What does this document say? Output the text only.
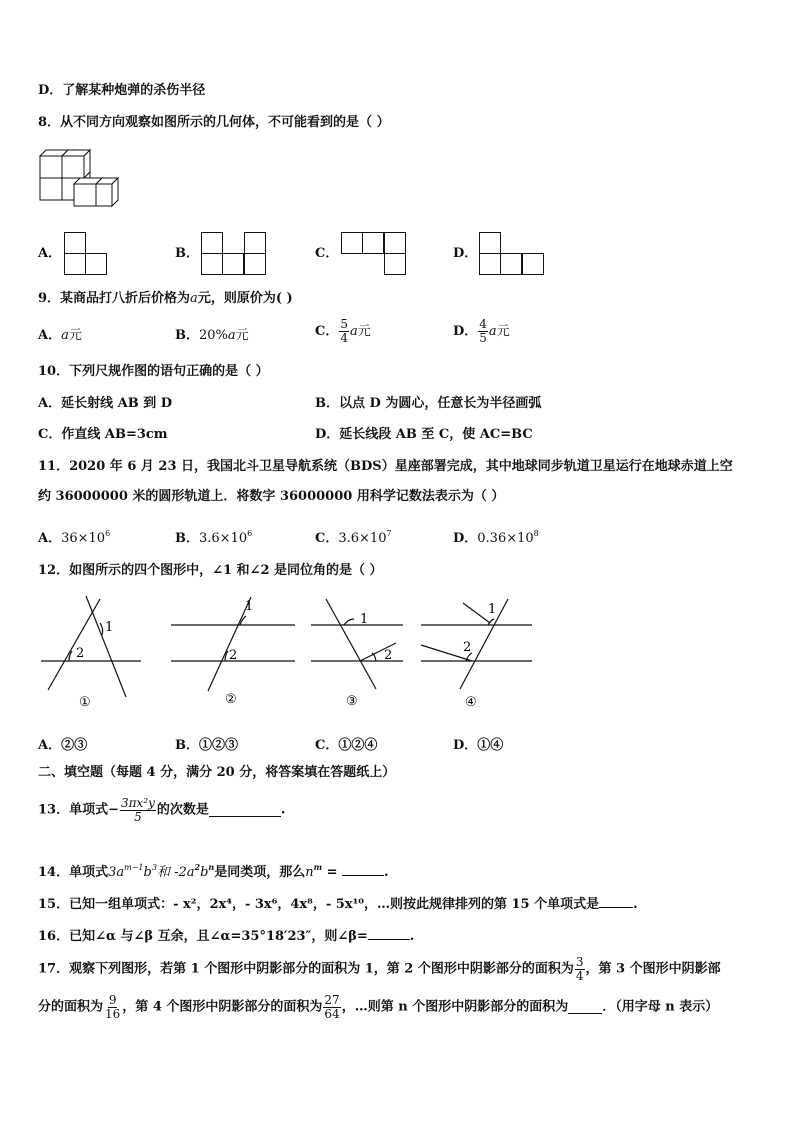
D．了解某种炮弹的杀伤半径
8．从不同方向观察如图所示的几何体，不可能看到的是（ ）
A．	B．	C．	D．
9．某商品打八折后价格为a元，则原价为( )
A．a元	B．20%a元	C． $\frac{5}{4}$ a元	D． $\frac{4}{5}$ a元
10．下列尺规作图的语句正确的是（ ）
A．延长射线 AB 到 D	B．以点 D 为圆心，任意长为半径画弧
C．作直线 AB=3cm	D．延长线段 AB 至 C，使 AC=BC
11．2020 年 6 月 23 日，我国北斗卫星导航系统（BDS）星座部署完成，其中地球同步轨道卫星运行在地球赤道上空
约 36000000 米的圆形轨道上．将数字 36000000 用科学记数法表示为（ ）
A．$36\times 10^6$	B．$3.6\times 10^6$	C．$3.6\times 10^7$	D．$0.36\times 10^8$
12．如图所示的四个图形中，∠1 和∠2 是同位角的是（ ）
1
2
①
1
2
②
1
2
③
1
2
④
A．②③	B．①②③	C．①②④	D．①④
二、填空题（每题 4 分，满分 20 分，将答案填在答题纸上）
13．单项式− $\frac{\text{3πx²y}}{5}$ 的次数是	.
14．单项式$3a^{m-1}b^3$和 $-2a^2b^n$是同类项，那么$n^m$ =	.
15．已知一组单项式：- x²，2x⁴，- 3x⁶，4x⁸，- 5x¹⁰，…则按此规律排列的第 15 个单项式是	.
16．已知∠α 与∠β 互余，且∠α=35°18′23″，则∠β=	.
17．观察下列图形，若第 1 个图形中阴影部分的面积为 1，第 2 个图形中阴影部分的面积为 $\frac{3}{4}$ ，第 3 个图形中阴影部
分的面积为 $\frac{9}{16}$ ，第 4 个图形中阴影部分的面积为 $\frac{27}{64}$ ，…则第 n 个图形中阴影部分的面积为	．（用字母 n 表示）
